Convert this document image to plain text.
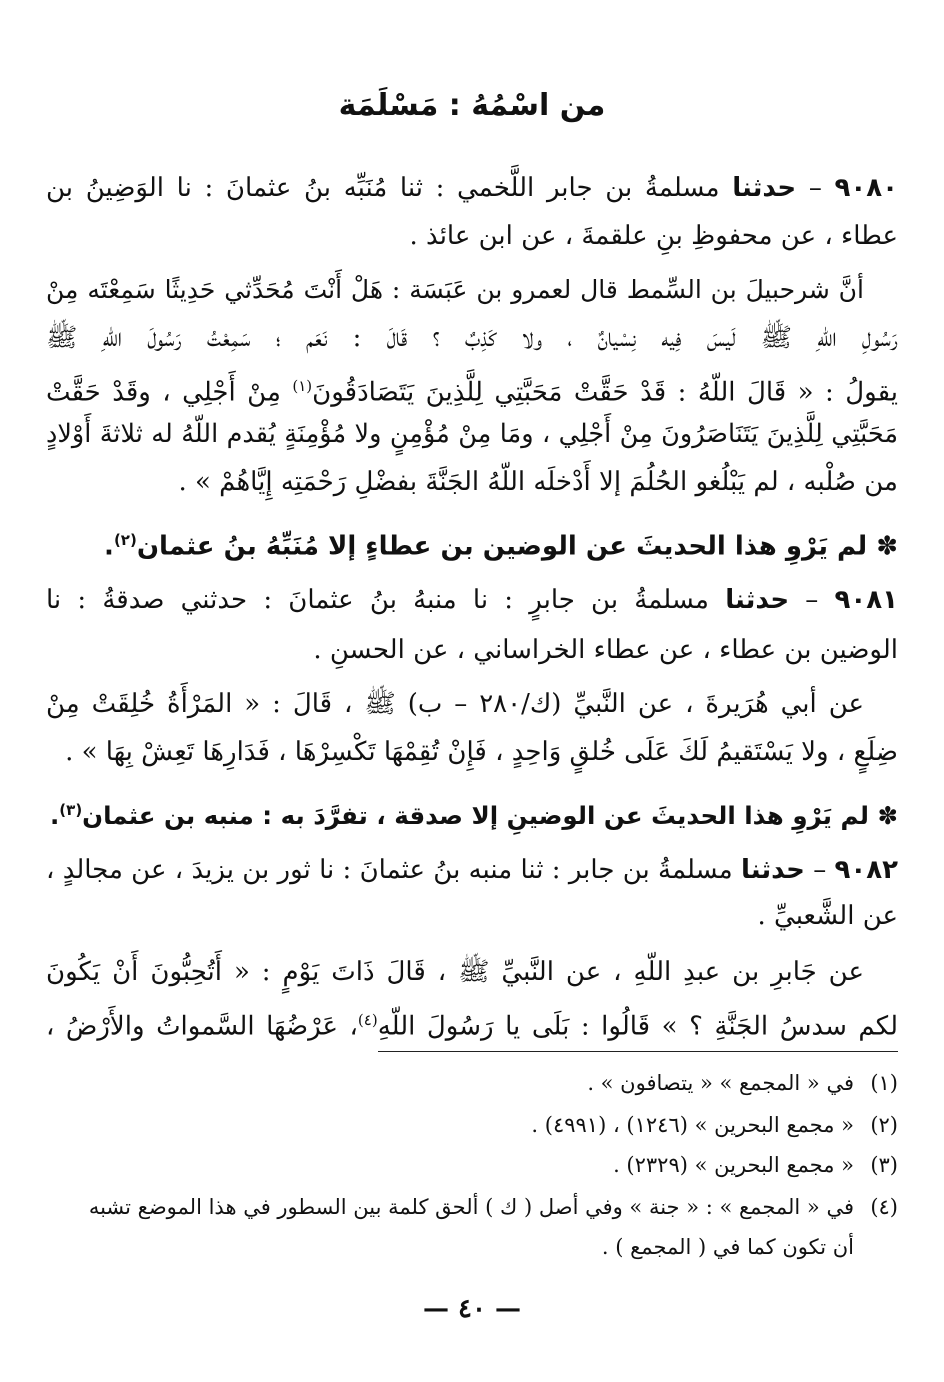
من اسْمُهُ : مَسْلَمَة
٩٠٨٠ – حدثنا مسلمةُ بن جابر اللَّخمي : ثنا مُنَبِّه بنُ عثمانَ : نا الوَضِينُ بن
عطاء ، عن محفوظِ بنِ علقمةَ ، عن ابن عائذ .
أنَّ شرحبيلَ بن السِّمط قال لعمرو بن عَبَسَة : هَلْ أَنْتَ مُحَدِّثي حَدِيثًا سَمِعْتَه مِنْ
رَسُولِ اللّهِ ﷺ لَيسَ فِيه نِسْيانٌ ، ولا كَذِبٌ ؟ قَالَ : نَعَم ؛ سَمِعْتُ رَسُولَ اللّهِ ﷺ
يقولُ : « قَالَ اللّهُ : قَدْ حَقَّتْ مَحَبَّتِي لِلَّذِينَ يَتَصَادَقُونَ$^{(١)}$ مِنْ أَجْلِي ، وقَدْ حَقَّتْ
مَحَبَّتِي لِلَّذِينَ يَتَنَاصَرُونَ مِنْ أَجْلِي ، ومَا مِنْ مُؤْمِنٍ ولا مُؤْمِنَةٍ يُقدم اللّهُ له ثلاثةَ أَوْلادٍ
من صُلْبه ، لم يَبْلُغو الحُلُمَ إلا أَدْخلَه اللّهُ الجَنَّةَ بفضْلِ رَحْمَتِه إِيَّاهُمْ » .
✽ لم يَرْوِ هذا الحديثَ عن الوضين بن عطاءٍ إلا مُنَبِّهُ بنُ عثمان$^{(٢)}$.
٩٠٨١ – حدثنا مسلمةُ بن جابرٍ : نا منبهُ بنُ عثمانَ : حدثني صدقةُ : نا
الوضين بن عطاء ، عن عطاء الخراساني ، عن الحسنِ .
عن أبي هُرَيرةَ ، عن النَّبيِّ (ك/٢٨٠ – ب) ﷺ ، قَالَ : « المَرْأَةُ خُلِقَتْ مِنْ
ضِلَعٍ ، ولا يَسْتَقيمُ لَكَ عَلَى خُلقٍ وَاحِدٍ ، فَإِنْ تُقِمْهَا تَكْسِرْهَا ، فَدَارِهَا تَعِشْ بِهَا » .
✽ لم يَرْوِ هذا الحديثَ عن الوضينِ إلا صدقة ، تفرَّدَ به : منبه بن عثمان$^{(٣)}$.
٩٠٨٢ – حدثنا مسلمةُ بن جابر : ثنا منبه بنُ عثمانَ : نا ثور بن يزيدَ ، عن مجالدٍ ،
عن الشَّعبيِّ .
عن جَابرِ بن عبدِ اللّهِ ، عن النَّبيِّ ﷺ ، قَالَ ذَاتَ يَوْمٍ : « أَتُحِبُّونَ أَنْ يَكُونَ
لكم سدسُ الجَنَّةِ ؟ » قَالُوا : بَلَى يا رَسُولَ اللّهِ$^{(٤)}$، عَرْضُهَا السَّمواتُ والأَرْضُ ،
(١)في « المجمع » « يتصافون » .
(٢)« مجمع البحرين » (١٢٤٦) ، (٤٩٩١) .
(٣)« مجمع البحرين » (٢٣٢٩) .
(٤)في « المجمع » : « جنة » وفي أصل ( ك ) ألحق كلمة بين السطور في هذا الموضع تشبه
أن تكون كما في ( المجمع ) .
— ٤٠ —
